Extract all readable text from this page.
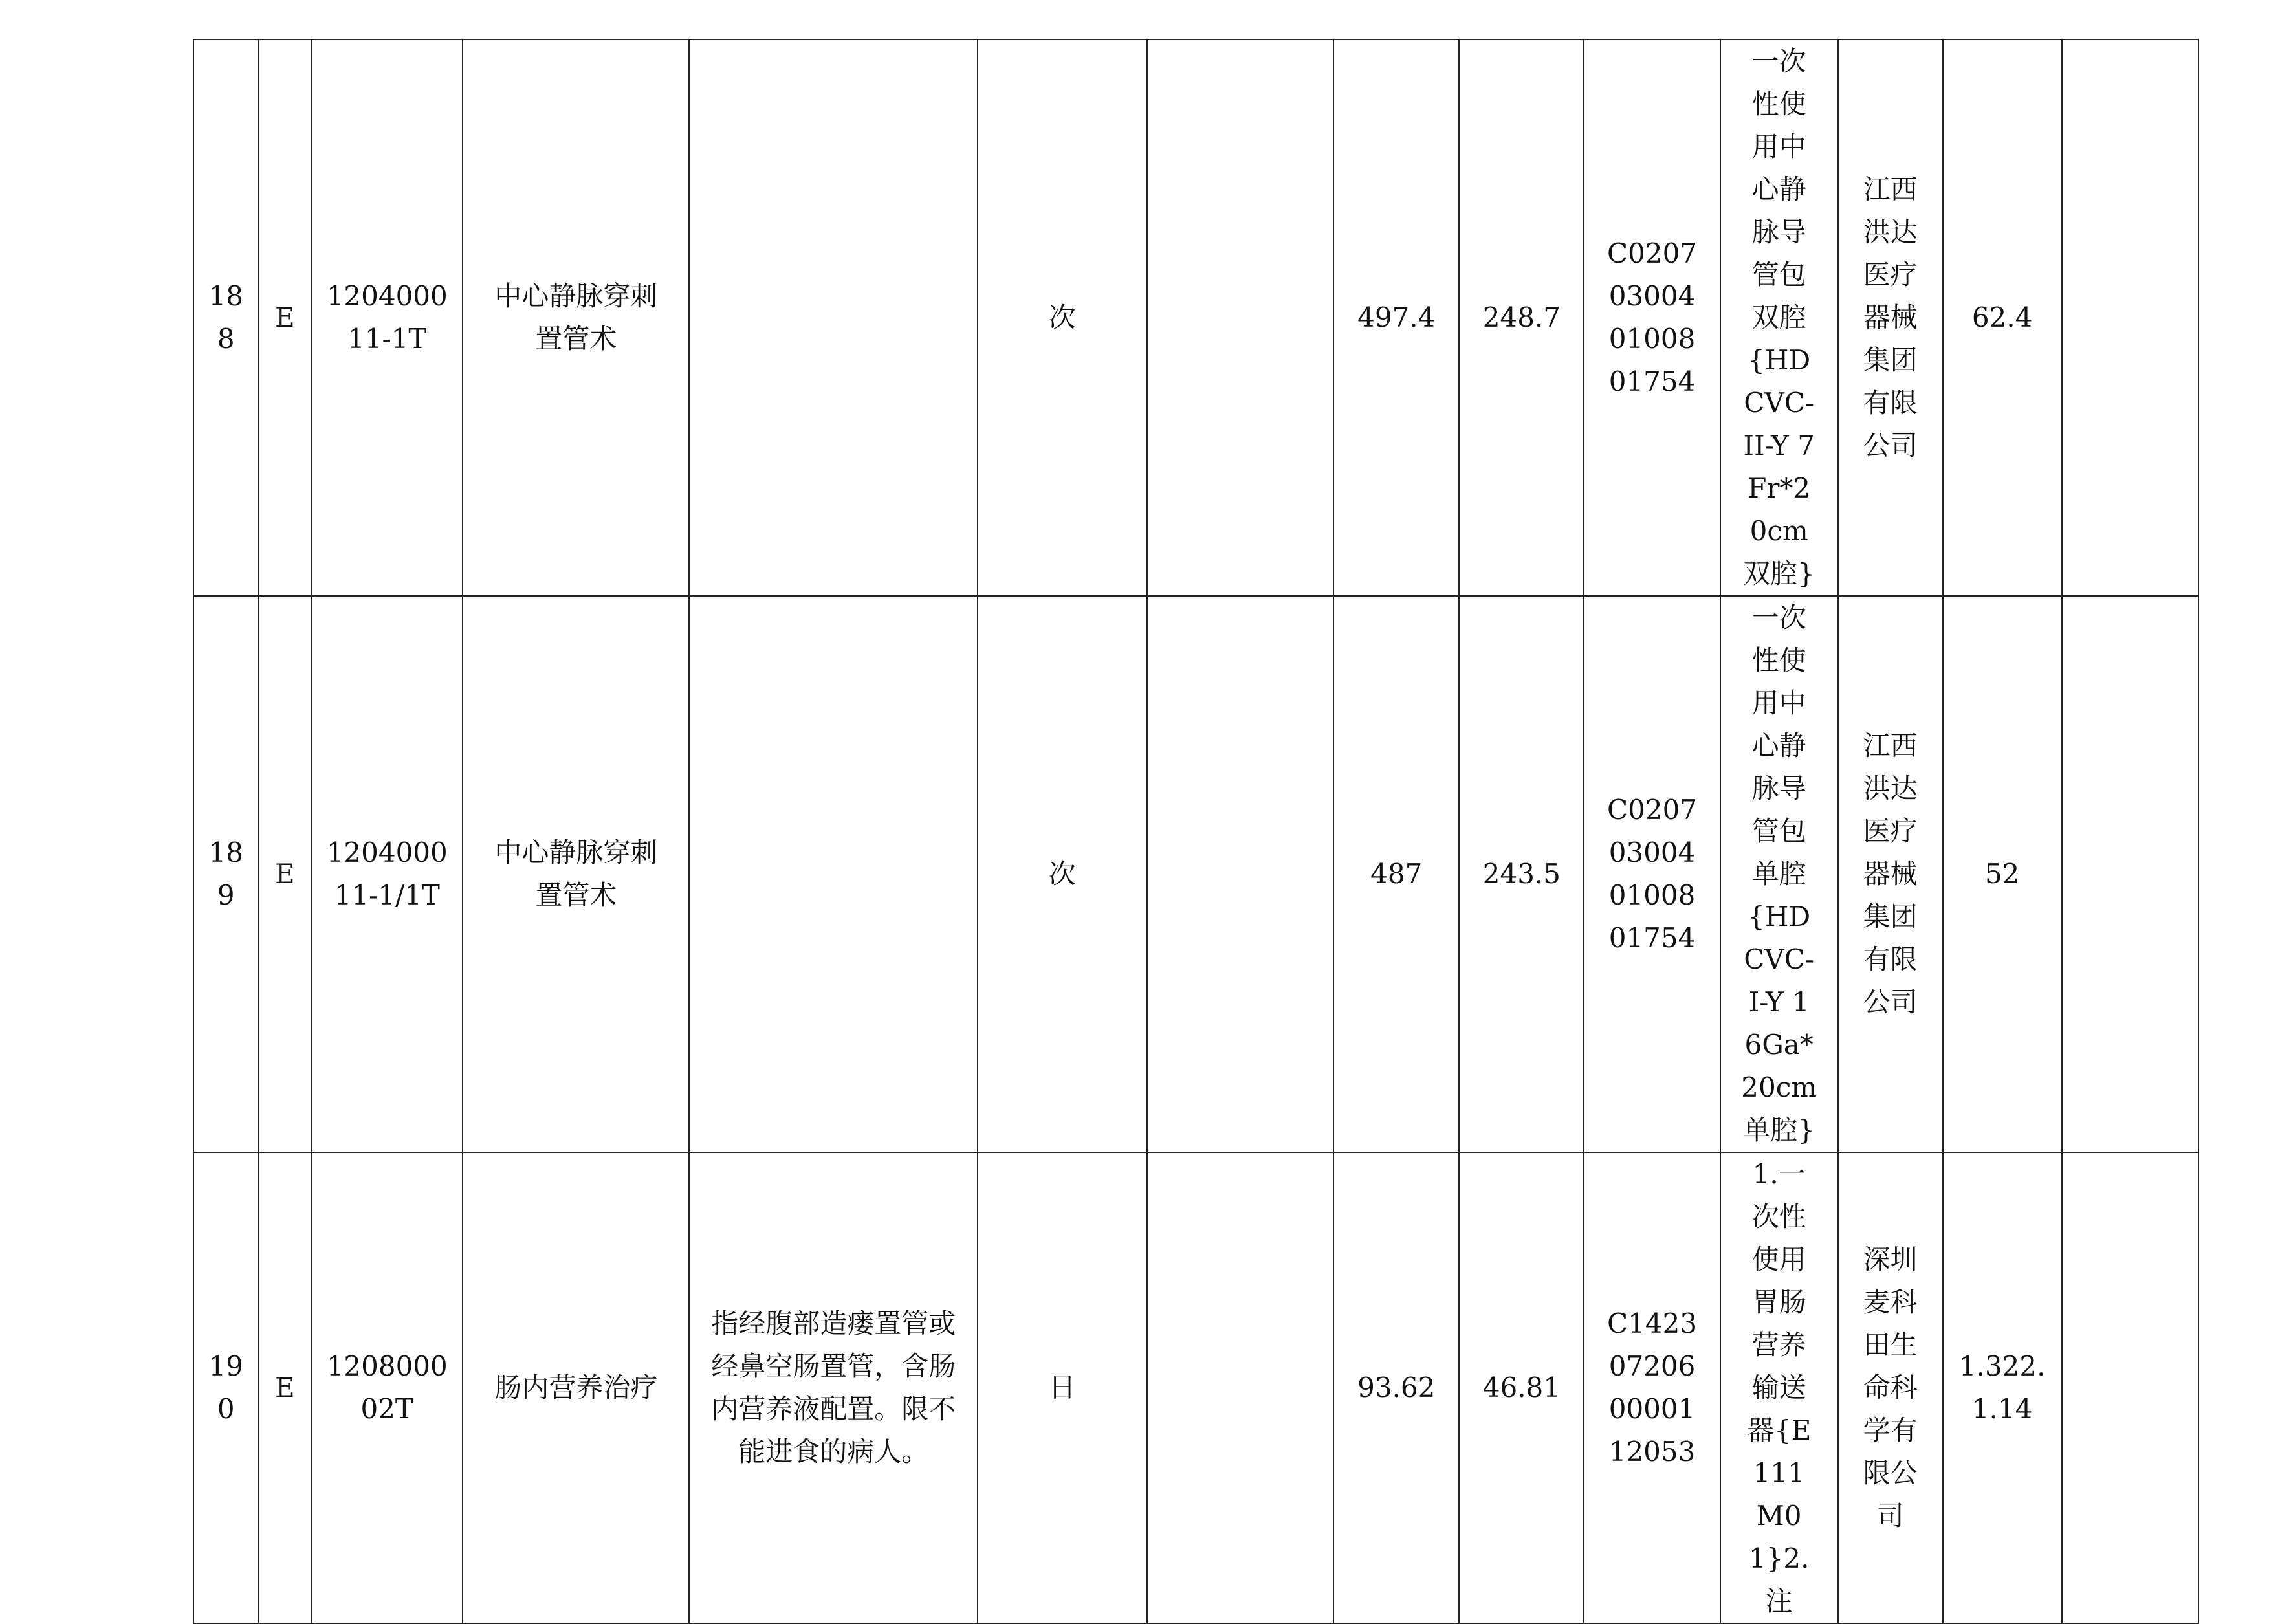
188	E	120400011-1T	中心静脉穿刺置管术		次		497.4	248.7	C0207030040100801754	一次性使用中心静脉导管包双腔{HDCVC-II-Y 7Fr*20cm 双腔}	江西洪达医疗器械集团有限公司	62.4	
189	E	120400011-1/1T	中心静脉穿刺置管术		次		487	243.5	C0207030040100801754	一次性使用中心静脉导管包单腔{HDCVC-I-Y 16Ga*20cm 单腔}	江西洪达医疗器械集团有限公司	52	
190	E	120800002T	肠内营养治疗	指经腹部造瘘置管或经鼻空肠置管，含肠内营养液配置。限不能进食的病人。	日		93.62	46.81	C1423072060000112053	1.一次性使用胃肠营养输送器{E111M01}2.注	深圳麦科田生命科学有限公司	1.322.1.14	
